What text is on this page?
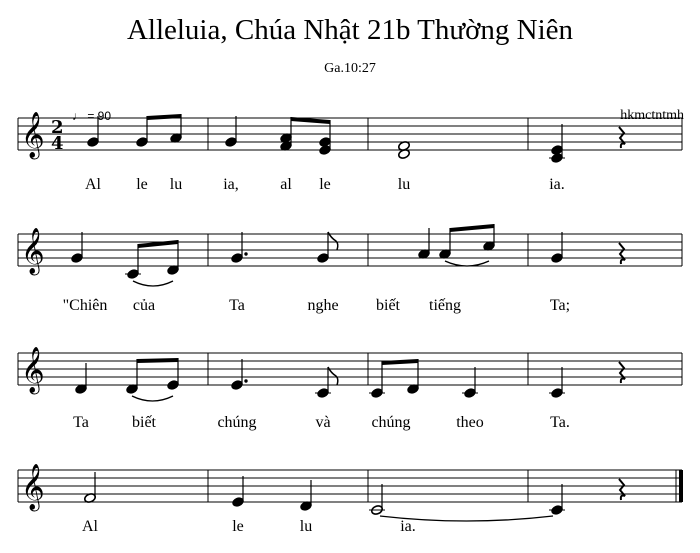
Alleluia, Chúa Nhật 21b Thường Niên
Ga.10:27
♩ = 90	hkmctntmh
𝄞
𝄞
𝄞
𝄞
2
4
Al le lu	ia,	al le	lu	ia.
"Chiên của	Ta	nghe biết tiếng	Ta;
Ta	biết	chúng	và	chúng	theo	Ta.
Al	le	lu	ia.
